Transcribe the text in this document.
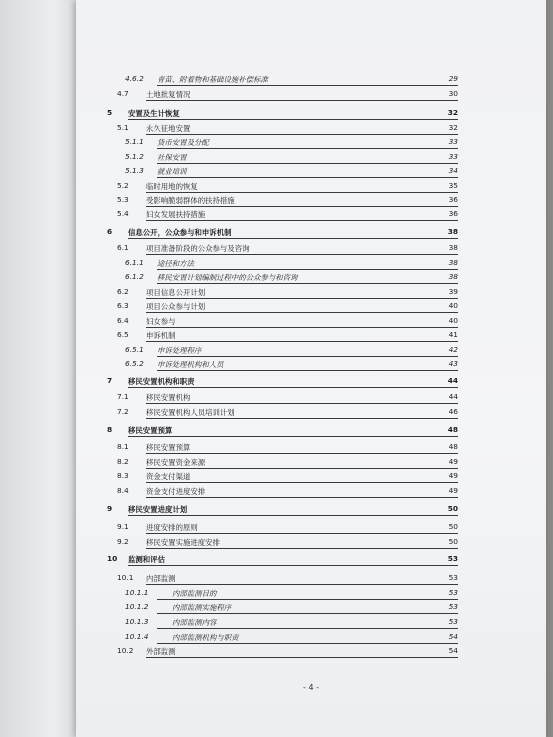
4.6.2 青苗、附着物和基础设施补偿标准	29
4.7 土地批复情况	30
5 安置及生计恢复	32
5.1 永久征地安置	32
5.1.1 货币安置及分配	33
5.1.2 社保安置	33
5.1.3 就业培训	34
5.2 临时用地的恢复	35
5.3 受影响脆弱群体的扶持措施	36
5.4 妇女发展扶持措施	36
6 信息公开，公众参与和申诉机制	38
6.1 项目准备阶段的公众参与及咨询	38
6.1.1 途径和方法	38
6.1.2 移民安置计划编制过程中的公众参与和咨询	38
6.2 项目信息公开计划	39
6.3 项目公众参与计划	40
6.4 妇女参与	40
6.5 申诉机制	41
6.5.1 申诉处理程序	42
6.5.2 申诉处理机构和人员	43
7 移民安置机构和职责	44
7.1 移民安置机构	44
7.2 移民安置机构人员培训计划	46
8 移民安置预算	48
8.1 移民安置预算	48
8.2 移民安置资金来源	49
8.3 资金支付渠道	49
8.4 资金支付进度安排	49
9 移民安置进度计划	50
9.1 进度安排的原则	50
9.2 移民安置实施进度安排	50
10 监测和评估	53
10.1 内部监测	53
10.1.1	内部监测目的	53
10.1.2	内部监测实施程序	53
10.1.3	内部监测内容	53
10.1.4	内部监测机构与职责	54
10.2 外部监测	54
- 4 -
